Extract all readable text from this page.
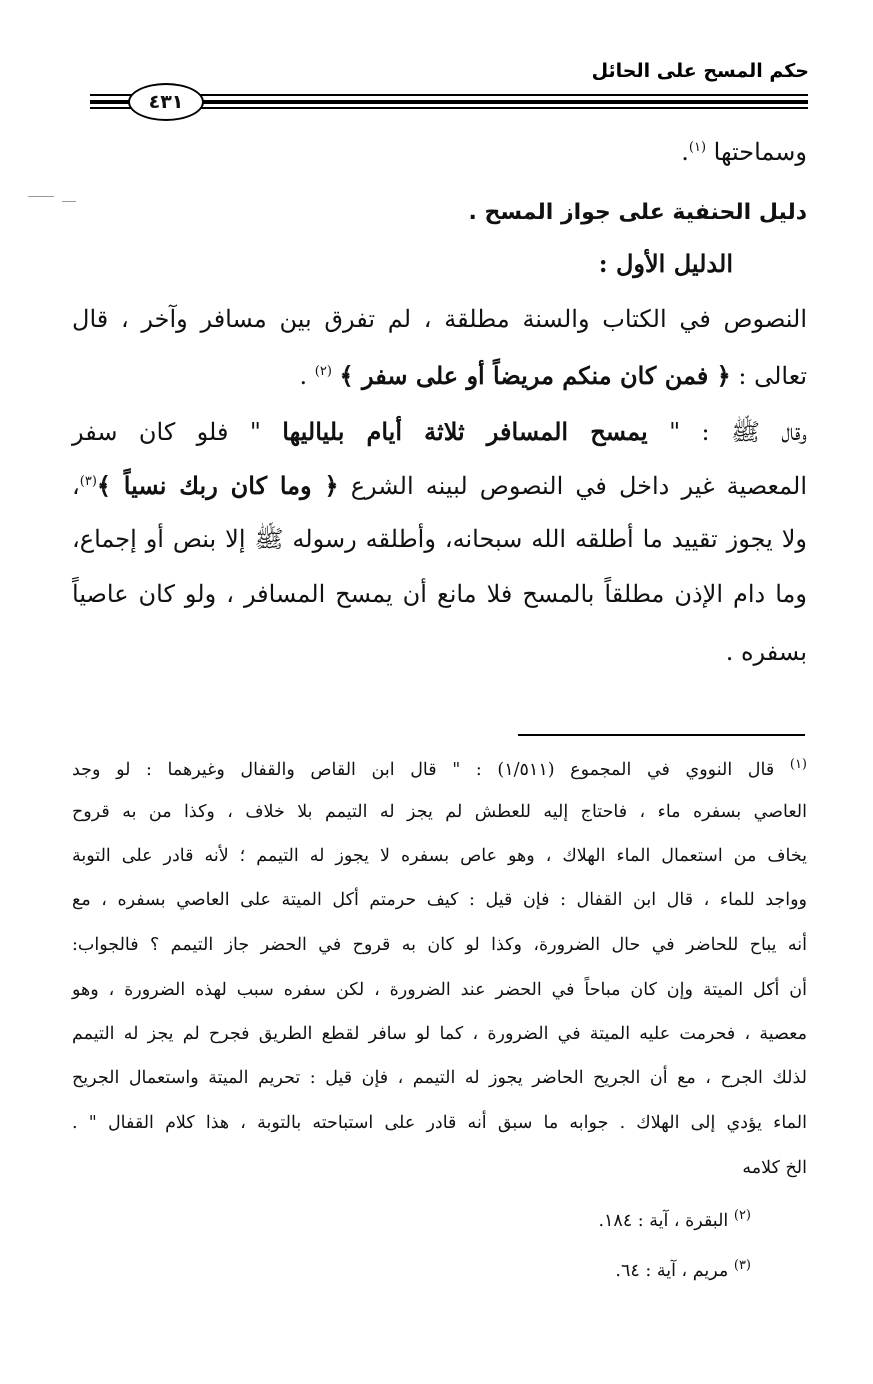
حكم المسح على الحائل
٤٣١
وسماحتها $^{(١)}$.
دليل الحنفية على جواز المسح .
الدليل الأول :
النصوص في الكتاب والسنة مطلقة ، لم تفرق بين مسافر وآخر ، قال
تعالى : ﴿ فمن كان منكم مريضاً أو على سفر ﴾ $^{(٢)}$ .
وقال ﷺ : " يمسح المسافر ثلاثة أيام بلياليها " فلو كان سفر
المعصية غير داخل في النصوص لبينه الشرع ﴿ وما كان ربك نسياً ﴾$^{(٣)}$،
ولا يجوز تقييد ما أطلقه الله سبحانه، وأطلقه رسوله ﷺ إلا بنص أو إجماع،
وما دام الإذن مطلقاً بالمسح فلا مانع أن يمسح المسافر ، ولو كان عاصياً
بسفره .
$^{(١)}$ قال النووي في المجموع (١/٥١١) : " قال ابن القاص والقفال وغيرهما : لو وجد
العاصي بسفره ماء ، فاحتاج إليه للعطش لم يجز له التيمم بلا خلاف ، وكذا من به قروح
يخاف من استعمال الماء الهلاك ، وهو عاص بسفره لا يجوز له التيمم ؛ لأنه قادر على التوبة
وواجد للماء ، قال ابن القفال : فإن قيل : كيف حرمتم أكل الميتة على العاصي بسفره ، مع
أنه يباح للحاضر في حال الضرورة، وكذا لو كان به قروح في الحضر جاز التيمم ؟ فالجواب:
أن أكل الميتة وإن كان مباحاً في الحضر عند الضرورة ، لكن سفره سبب لهذه الضرورة ، وهو
معصية ، فحرمت عليه الميتة في الضرورة ، كما لو سافر لقطع الطريق فجرح لم يجز له التيمم
لذلك الجرح ، مع أن الجريح الحاضر يجوز له التيمم ، فإن قيل : تحريم الميتة واستعمال الجريح
الماء يؤدي إلى الهلاك . جوابه ما سبق أنه قادر على استباحته بالتوبة ، هذا كلام القفال " .
الخ كلامه
$^{(٢)}$ البقرة ، آية : ١٨٤.
$^{(٣)}$ مريم ، آية : ٦٤.
